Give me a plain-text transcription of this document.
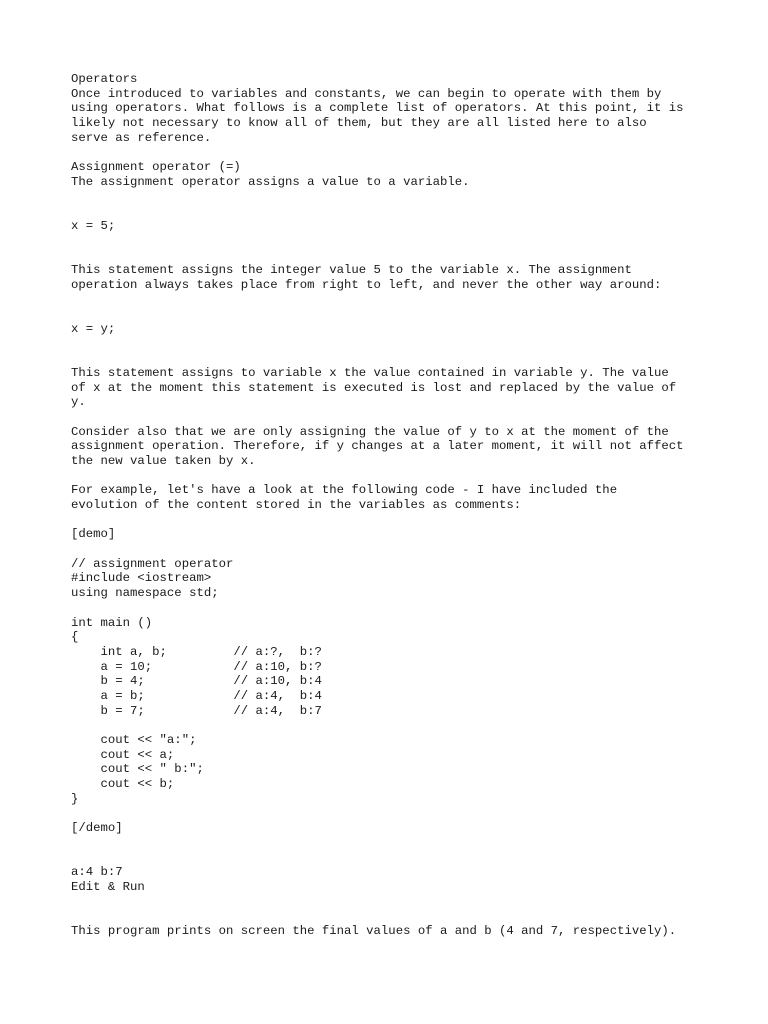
Operators
Once introduced to variables and constants, we can begin to operate with them by
using operators. What follows is a complete list of operators. At this point, it is
likely not necessary to know all of them, but they are all listed here to also
serve as reference.
Assignment operator (=)
The assignment operator assigns a value to a variable.
x = 5;
This statement assigns the integer value 5 to the variable x. The assignment
operation always takes place from right to left, and never the other way around:
x = y;
This statement assigns to variable x the value contained in variable y. The value
of x at the moment this statement is executed is lost and replaced by the value of
y.
Consider also that we are only assigning the value of y to x at the moment of the
assignment operation. Therefore, if y changes at a later moment, it will not affect
the new value taken by x.
For example, let's have a look at the following code - I have included the
evolution of the content stored in the variables as comments:
[demo]
// assignment operator
#include <iostream>
using namespace std;
int main ()
{
int a, b;         // a:?,  b:?
a = 10;           // a:10, b:?
b = 4;            // a:10, b:4
a = b;            // a:4,  b:4
b = 7;            // a:4,  b:7
cout << "a:";
cout << a;
cout << " b:";
cout << b;
}
[/demo]
a:4 b:7
Edit & Run
This program prints on screen the final values of a and b (4 and 7, respectively).
